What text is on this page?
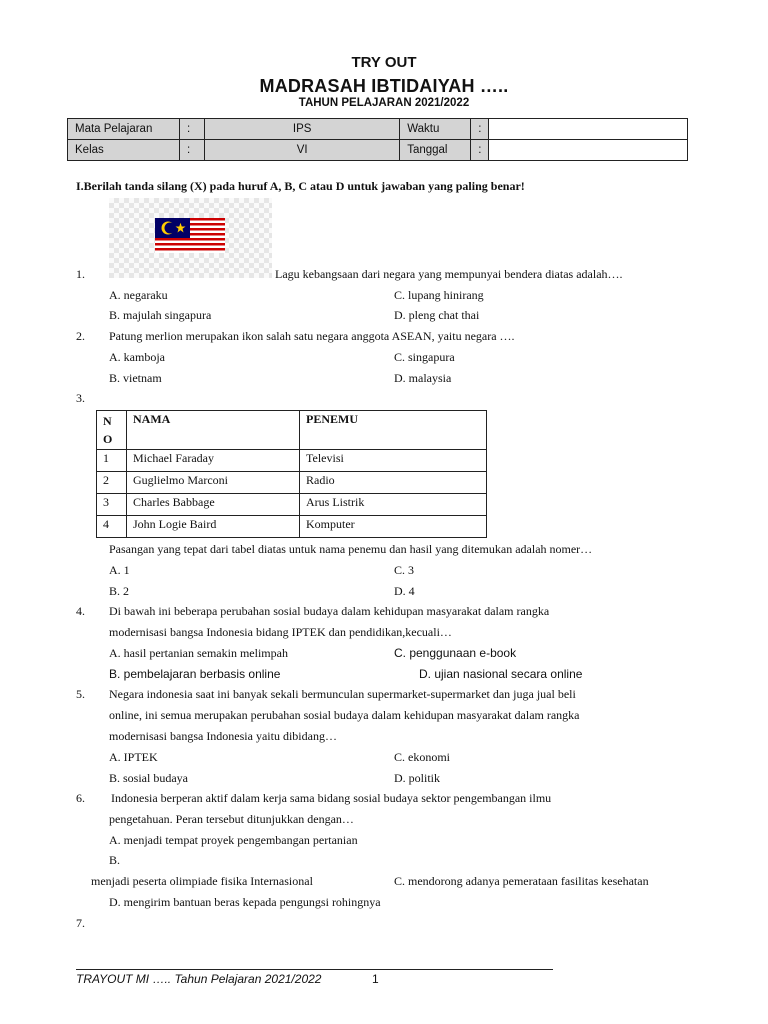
TRY OUT
MADRASAH IBTIDAIYAH …..
TAHUN PELAJARAN 2021/2022
Mata Pelajaran	:	IPS	Waktu	:	
Kelas	:	VI	Tanggal	:	
I.Berilah tanda silang (X) pada huruf A, B, C atau D untuk jawaban yang paling benar!
1.	Lagu kebangsaan dari negara yang mempunyai bendera diatas adalah….
A. negaraku	C. lupang hinirang
B. majulah singapura	D. pleng chat thai
2. Patung merlion merupakan ikon salah satu negara anggota ASEAN, yaitu negara ….
A. kamboja	C. singapura
B. vietnam	D. malaysia
3.
N
O	NAMA	PENEMU
1	Michael Faraday	Televisi
2	Guglielmo Marconi	Radio
3	Charles Babbage	Arus Listrik
4	John Logie Baird	Komputer
Pasangan yang tepat dari tabel diatas untuk nama penemu dan hasil yang ditemukan adalah nomer…
A. 1	C. 3
B. 2	D. 4
4. Di bawah ini beberapa perubahan sosial budaya dalam kehidupan masyarakat dalam rangka
modernisasi bangsa Indonesia bidang IPTEK dan pendidikan,kecuali…
A. hasil pertanian semakin melimpah	C. penggunaan e-book
B. pembelajaran berbasis online	D. ujian nasional secara online
5. Negara indonesia saat ini banyak sekali bermunculan supermarket-supermarket dan juga jual beli
online, ini semua merupakan perubahan sosial budaya dalam kehidupan masyarakat dalam rangka
modernisasi bangsa Indonesia yaitu dibidang…
A. IPTEK	C. ekonomi
B. sosial budaya	D. politik
6. Indonesia berperan aktif dalam kerja sama bidang sosial budaya sektor pengembangan ilmu
pengetahuan. Peran tersebut ditunjukkan dengan…
A. menjadi tempat proyek pengembangan pertanian
B.
menjadi peserta olimpiade fisika Internasional	C. mendorong adanya pemerataan fasilitas kesehatan
D. mengirim bantuan beras kepada pengungsi rohingnya
7.
TRAYOUT MI ….. Tahun Pelajaran 2021/2022	1
